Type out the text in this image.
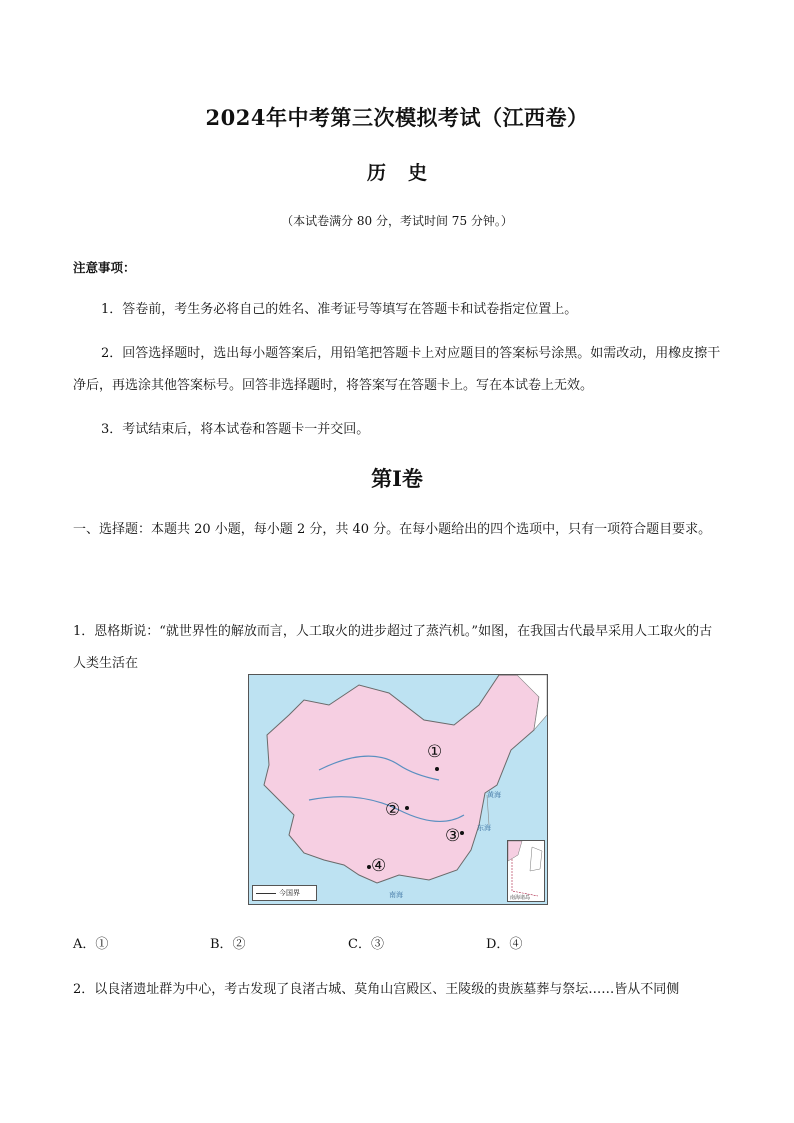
2024年中考第三次模拟考试（江西卷）
历史
（本试卷满分 80 分，考试时间 75 分钟。）
注意事项：
1．答卷前，考生务必将自己的姓名、准考证号等填写在答题卡和试卷指定位置上。
2．回答选择题时，选出每小题答案后，用铅笔把答题卡上对应题目的答案标号涂黑。如需改动，用橡皮擦干净后，再选涂其他答案标号。回答非选择题时，将答案写在答题卡上。写在本试卷上无效。
3．考试结束后，将本试卷和答题卡一并交回。
第Ⅰ卷
一、选择题：本题共 20 小题，每小题 2 分，共 40 分。在每小题给出的四个选项中，只有一项符合题目要求。
1．恩格斯说：“就世界性的解放而言，人工取火的进步超过了蒸汽机。”如图，在我国古代最早采用人工取火的古人类生活在
黄海
东海
南海
①
②
③
④
今国界
南海诸岛
A．①	B．②	C．③	D．④
2．以良渚遗址群为中心，考古发现了良渚古城、莫角山宫殿区、王陵级的贵族墓葬与祭坛……皆从不同侧
